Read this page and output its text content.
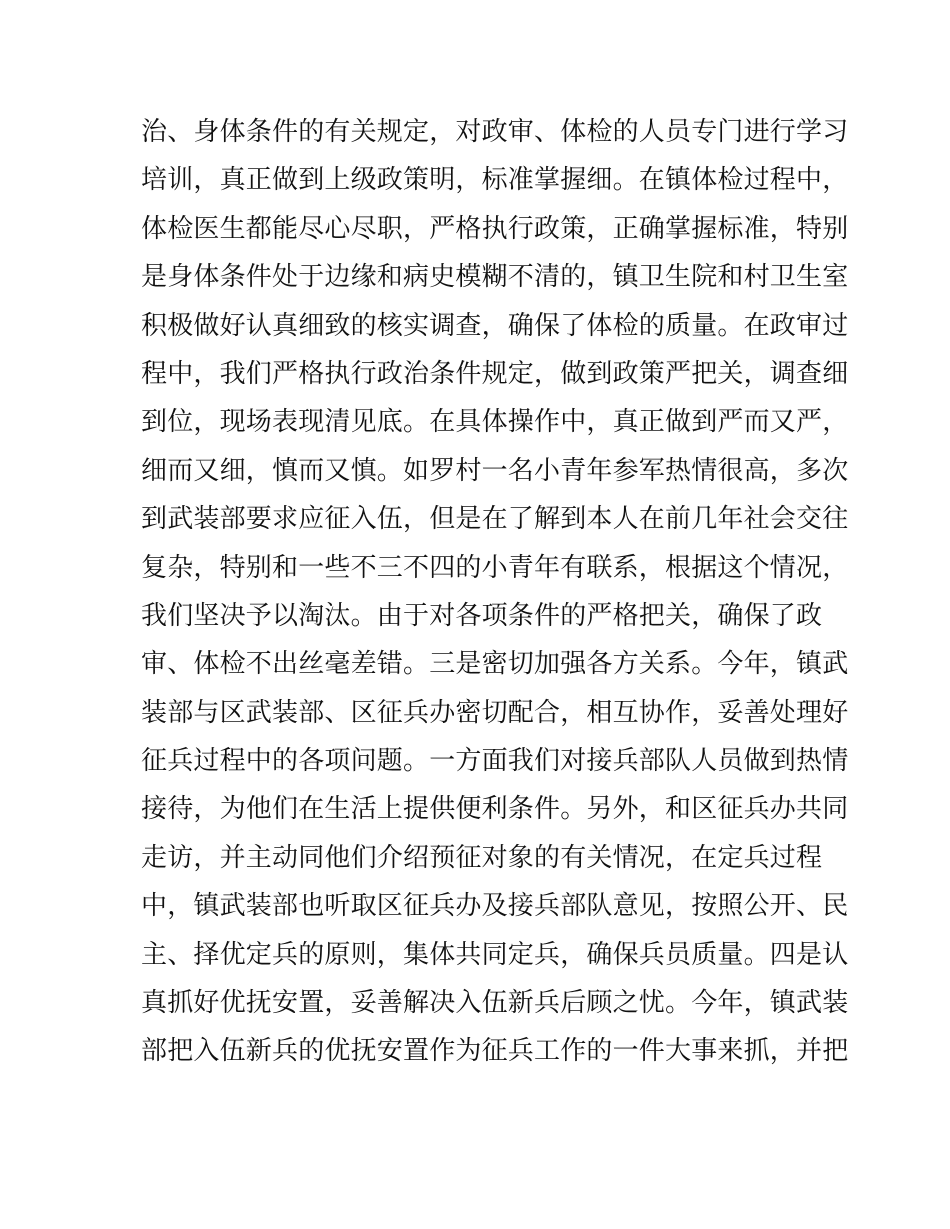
治、身体条件的有关规定，对政审、体检的人员专门进行学习
培训，真正做到上级政策明，标准掌握细。在镇体检过程中，
体检医生都能尽心尽职，严格执行政策，正确掌握标准，特别
是身体条件处于边缘和病史模糊不清的，镇卫生院和村卫生室
积极做好认真细致的核实调查，确保了体检的质量。在政审过
程中，我们严格执行政治条件规定，做到政策严把关，调查细
到位，现场表现清见底。在具体操作中，真正做到严而又严，
细而又细，慎而又慎。如罗村一名小青年参军热情很高，多次
到武装部要求应征入伍，但是在了解到本人在前几年社会交往
复杂，特别和一些不三不四的小青年有联系，根据这个情况，
我们坚决予以淘汰。由于对各项条件的严格把关，确保了政
审、体检不出丝毫差错。三是密切加强各方关系。今年，镇武
装部与区武装部、区征兵办密切配合，相互协作，妥善处理好
征兵过程中的各项问题。一方面我们对接兵部队人员做到热情
接待，为他们在生活上提供便利条件。另外，和区征兵办共同
走访，并主动同他们介绍预征对象的有关情况，在定兵过程
中，镇武装部也听取区征兵办及接兵部队意见，按照公开、民
主、择优定兵的原则，集体共同定兵，确保兵员质量。四是认
真抓好优抚安置，妥善解决入伍新兵后顾之忧。今年，镇武装
部把入伍新兵的优抚安置作为征兵工作的一件大事来抓，并把
